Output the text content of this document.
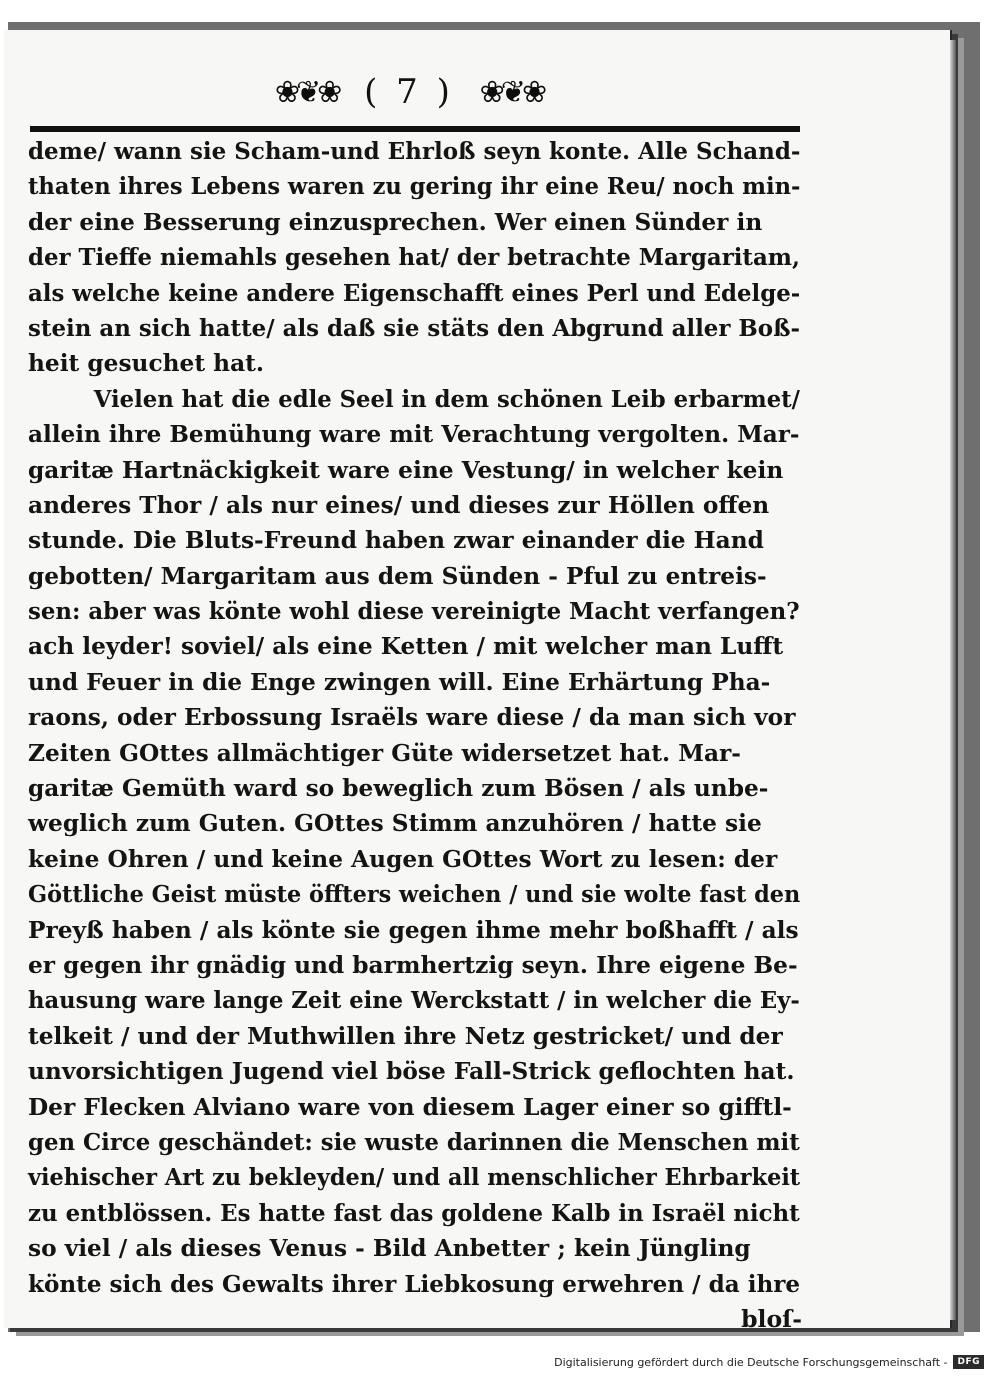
❀❦❀ ( 7 ) ❀❦❀
deme/ wann sie Scham-und Ehrloß seyn konte. Alle Schand-
thaten ihres Lebens waren zu gering ihr eine Reu/ noch min-
der eine Besserung einzusprechen. Wer einen Sünder in
der Tieffe niemahls gesehen hat/ der betrachte Margaritam,
als welche keine andere Eigenschafft eines Perl und Edelge-
stein an sich hatte/ als daß sie stäts den Abgrund aller Boß-
heit gesuchet hat.
Vielen hat die edle Seel in dem schönen Leib erbarmet/
allein ihre Bemühung ware mit Verachtung vergolten. Mar-
garitæ Hartnäckigkeit ware eine Vestung/ in welcher kein
anderes Thor / als nur eines/ und dieses zur Höllen offen
stunde. Die Bluts-Freund haben zwar einander die Hand
gebotten/ Margaritam aus dem Sünden - Pful zu entreis-
sen: aber was könte wohl diese vereinigte Macht verfangen?
ach leyder! soviel/ als eine Ketten / mit welcher man Lufft
und Feuer in die Enge zwingen will. Eine Erhärtung Pha-
raons, oder Erbossung Israëls ware diese / da man sich vor
Zeiten GOttes allmächtiger Güte widersetzet hat. Mar-
garitæ Gemüth ward so beweglich zum Bösen / als unbe-
weglich zum Guten. GOttes Stimm anzuhören / hatte sie
keine Ohren / und keine Augen GOttes Wort zu lesen: der
Göttliche Geist müste öffters weichen / und sie wolte fast den
Preyß haben / als könte sie gegen ihme mehr boßhafft / als
er gegen ihr gnädig und barmhertzig seyn. Ihre eigene Be-
hausung ware lange Zeit eine Werckstatt / in welcher die Ey-
telkeit / und der Muthwillen ihre Netz gestricket/ und der
unvorsichtigen Jugend viel böse Fall-Strick geflochten hat.
Der Flecken Alviano ware von diesem Lager einer so gifftl-
gen Circe geschändet: sie wuste darinnen die Menschen mit
viehischer Art zu bekleyden/ und all menschlicher Ehrbarkeit
zu entblössen. Es hatte fast das goldene Kalb in Israël nicht
so viel / als dieses Venus - Bild Anbetter ; kein Jüngling
könte sich des Gewalts ihrer Liebkosung erwehren / da ihre
bloſ-
Digitalisierung gefördert durch die Deutsche Forschungsgemeinschaft -	DFG
